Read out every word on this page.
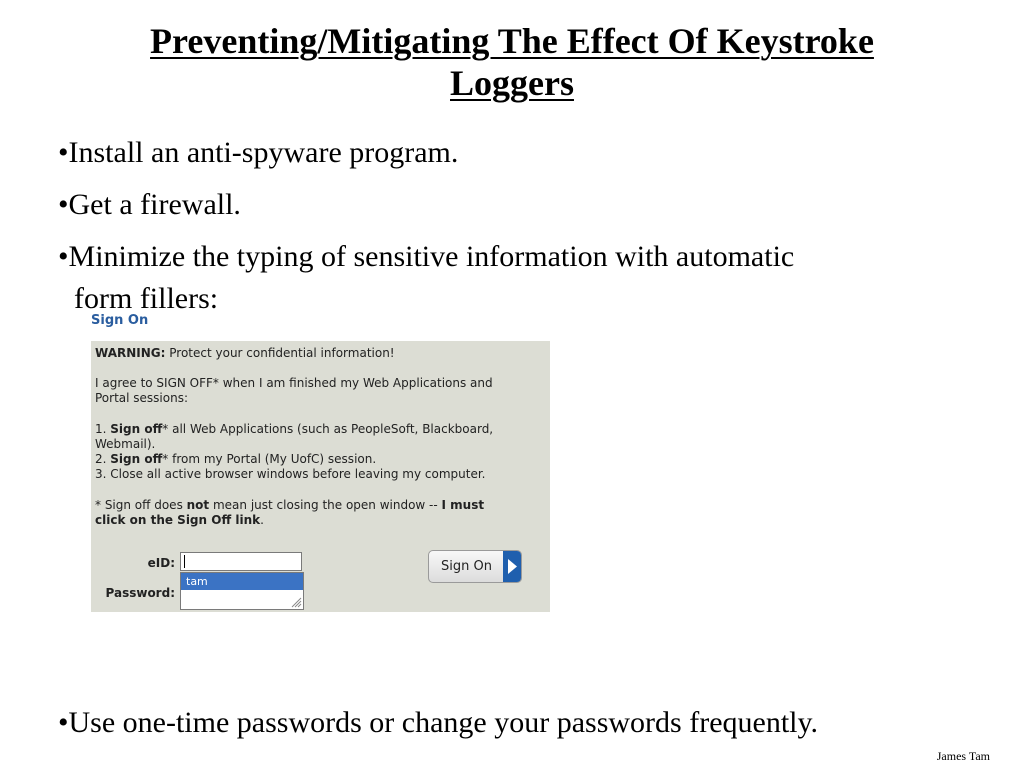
Preventing/Mitigating The Effect Of Keystroke
Loggers
•Install an anti-spyware program.
•Get a firewall.
•Minimize the typing of sensitive information with automatic
form fillers:
Sign On
WARNING: Protect your confidential information!
I agree to SIGN OFF* when I am finished my Web Applications and
Portal sessions:
1. Sign off* all Web Applications (such as PeopleSoft, Blackboard,
Webmail).
2. Sign off* from my Portal (My UofC) session.
3. Close all active browser windows before leaving my computer.
* Sign off does not mean just closing the open window -- I must
click on the Sign Off link.
eID:
Password:
tam
Sign On
•Use one-time passwords or change your passwords frequently.
James Tam
